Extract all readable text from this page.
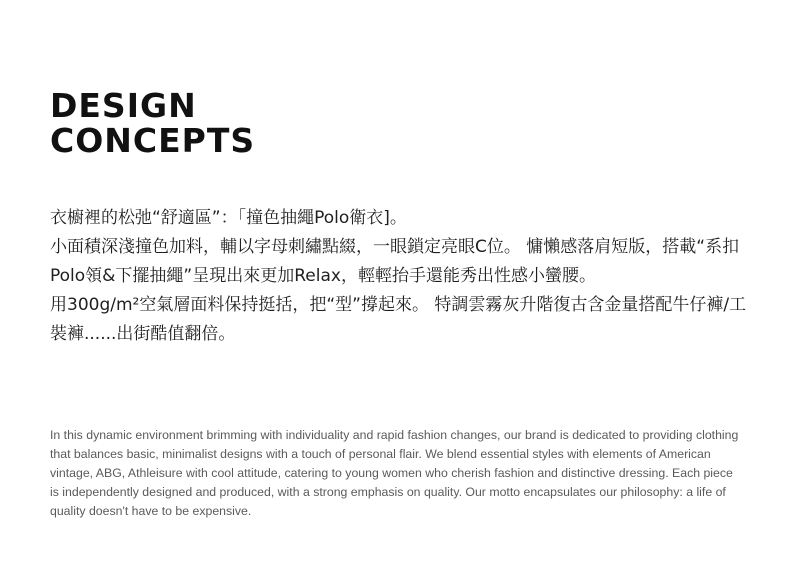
DESIGN
CONCEPTS

衣櫥裡的松弛“舒適區”：「撞色抽繩Polo衛衣]。

小面積深淺撞色加料，輔以字母刺繡點綴，一眼鎖定亮眼C位。 慵懶感落肩短版，搭載“系扣Polo領&下擺抽繩”呈現出來更加Relax，輕輕抬手還能秀出性感小蠻腰。

用300g/m²空氣層面料保持挺括，把“型”撐起來。 特調雲霧灰升階復古含金量搭配牛仔褲/工裝褲......出街酷值翻倍。

In this dynamic environment brimming with individuality and rapid fashion changes, our brand is dedicated to providing clothing that balances basic, minimalist designs with a touch of personal flair. We blend essential styles with elements of American vintage, ABG, Athleisure with cool attitude, catering to young women who cherish fashion and distinctive dressing. Each piece is independently designed and produced, with a strong emphasis on quality. Our motto encapsulates our philosophy: a life of quality doesn't have to be expensive.
